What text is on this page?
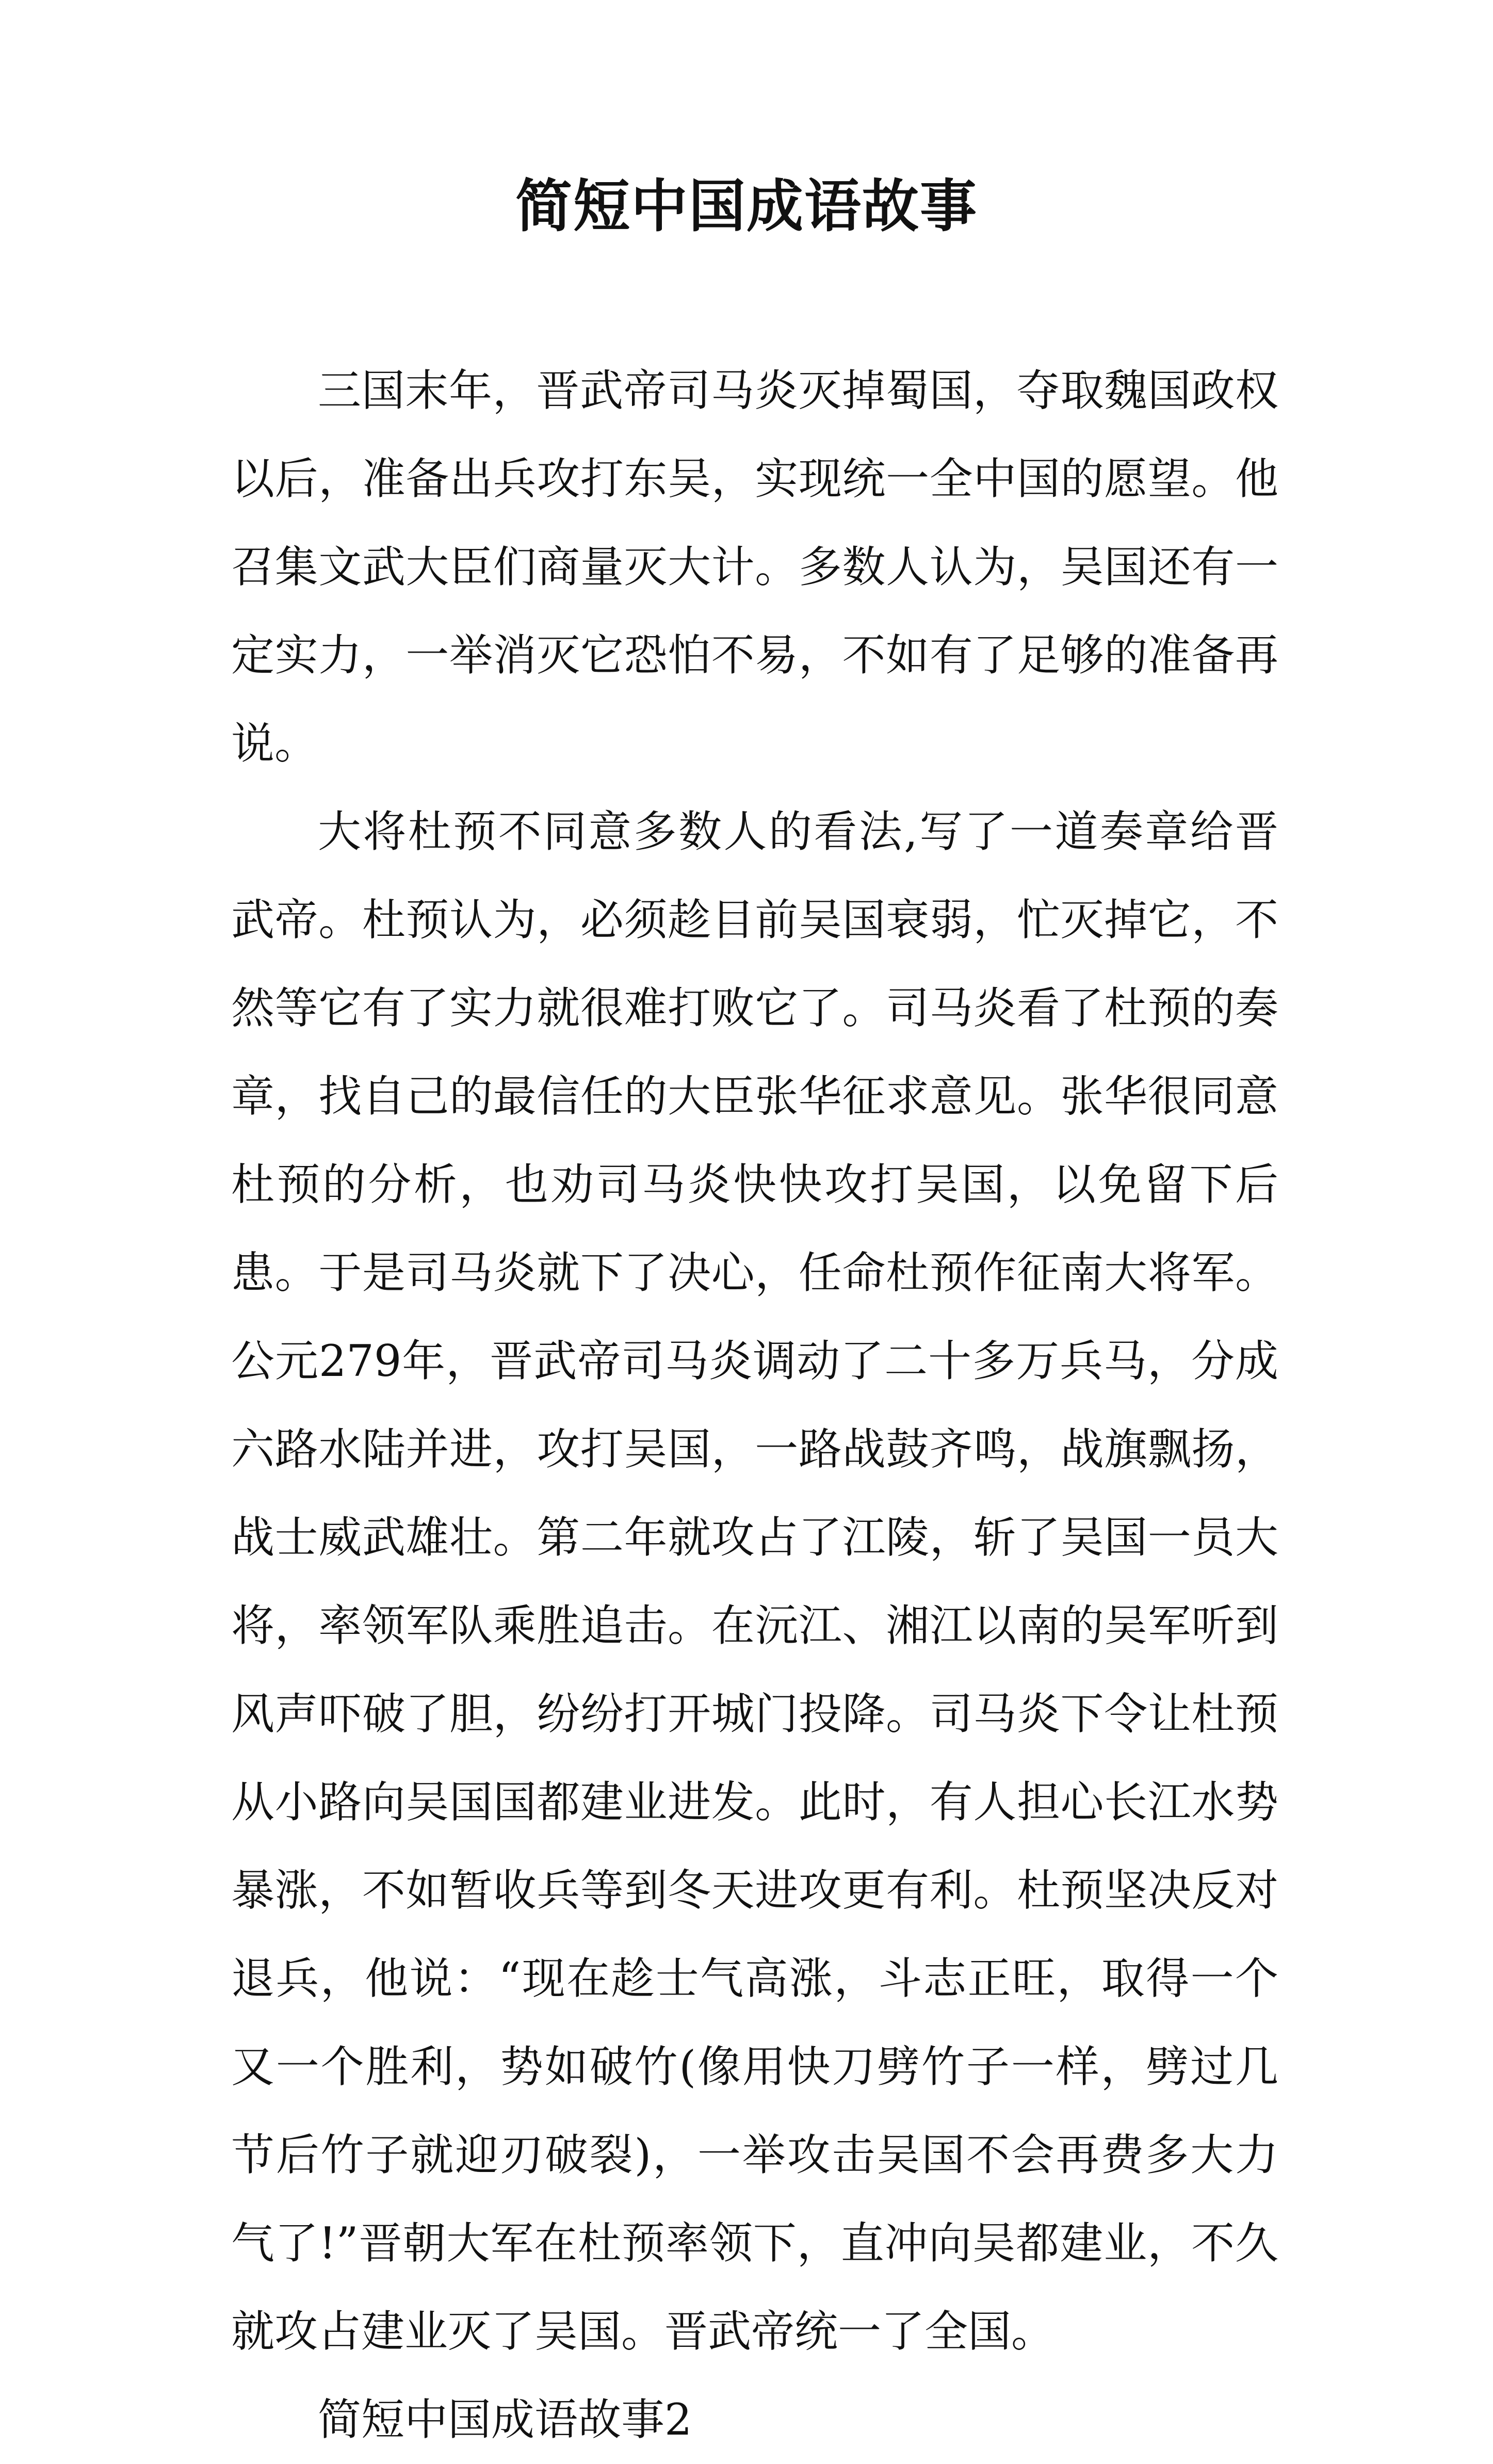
简短中国成语故事

三国末年，晋武帝司马炎灭掉蜀国，夺取魏国政权以后，准备出兵攻打东吴，实现统一全中国的愿望。他召集文武大臣们商量灭大计。多数人认为，吴国还有一定实力，一举消灭它恐怕不易，不如有了足够的准备再说。

大将杜预不同意多数人的看法,写了一道奏章给晋武帝。杜预认为，必须趁目前吴国衰弱，忙灭掉它，不然等它有了实力就很难打败它了。司马炎看了杜预的奏章，找自己的最信任的大臣张华征求意见。张华很同意杜预的分析，也劝司马炎快快攻打吴国，以免留下后患。于是司马炎就下了决心，任命杜预作征南大将军。公元279年，晋武帝司马炎调动了二十多万兵马，分成六路水陆并进，攻打吴国，一路战鼓齐鸣，战旗飘扬，战士威武雄壮。第二年就攻占了江陵，斩了吴国一员大将，率领军队乘胜追击。在沅江、湘江以南的吴军听到风声吓破了胆，纷纷打开城门投降。司马炎下令让杜预从小路向吴国国都建业进发。此时，有人担心长江水势暴涨，不如暂收兵等到冬天进攻更有利。杜预坚决反对退兵，他说：“现在趁士气高涨，斗志正旺，取得一个又一个胜利，势如破竹(像用快刀劈竹子一样，劈过几节后竹子就迎刃破裂)，一举攻击吴国不会再费多大力气了!”晋朝大军在杜预率领下，直冲向吴都建业，不久就攻占建业灭了吴国。晋武帝统一了全国。

简短中国成语故事2
